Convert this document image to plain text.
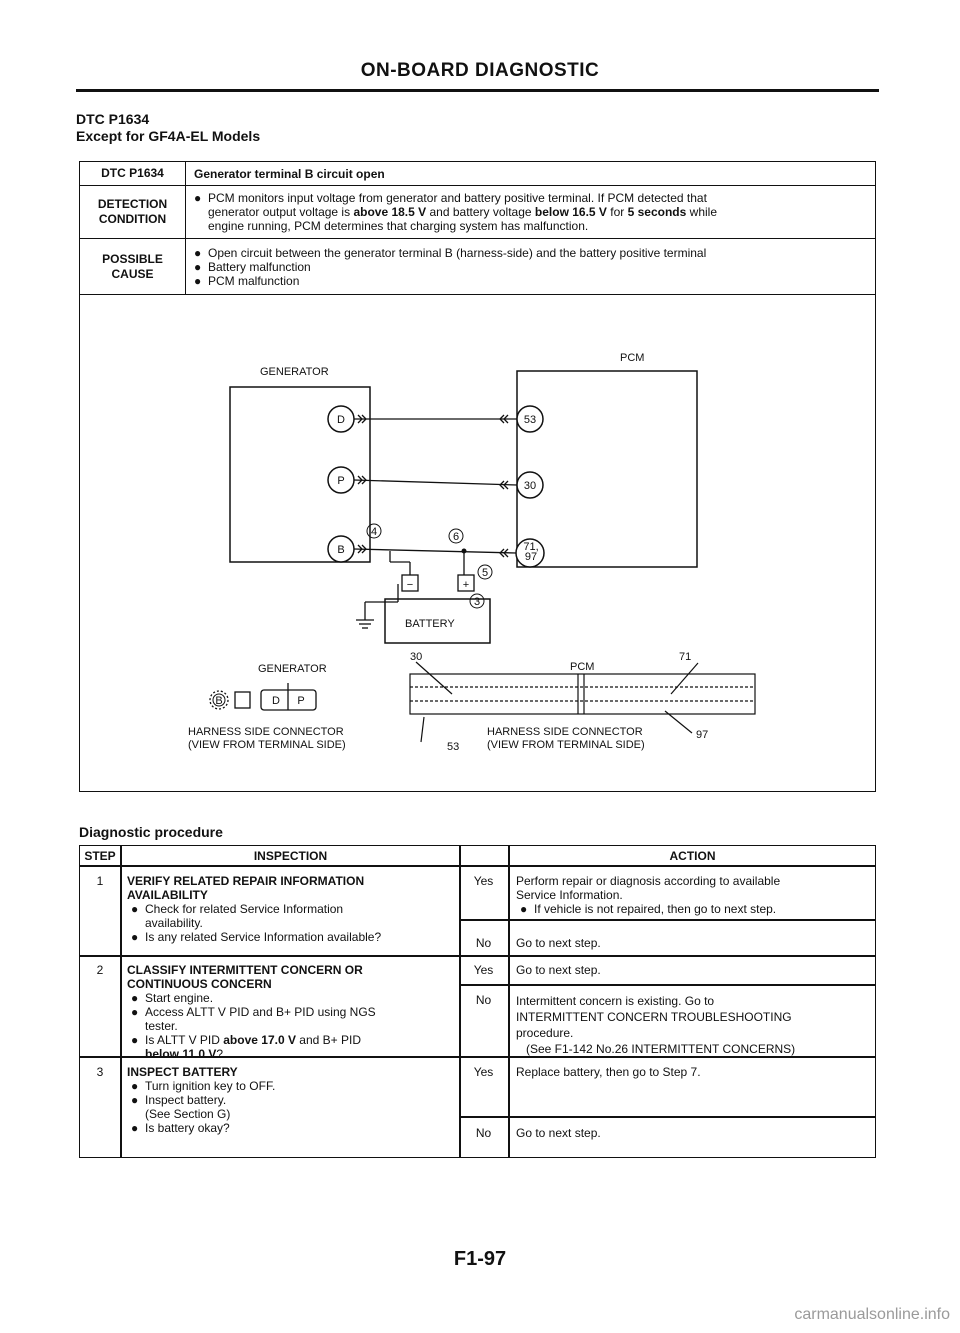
ON-BOARD DIAGNOSTIC
DTC P1634
Except for GF4A-EL Models
DTC P1634	Generator terminal B circuit open
DETECTION
CONDITION
● PCM monitors input voltage from generator and battery positive terminal. If PCM detected that
generator output voltage is above 18.5 V and battery voltage below 16.5 V for 5 seconds while
engine running, PCM determines that charging system has malfunction.
POSSIBLE
CAUSE
● Open circuit between the generator terminal B (harness-side) and the battery positive terminal
● Battery malfunction
● PCM malfunction
GENERATOR
PCM
D
P
B
53
30
71,
97
−	+
BATTERY
4	6
5
3
GENERATOR
B	D P
PCM
30	71
53
97
HARNESS SIDE CONNECTOR
(VIEW FROM TERMINAL SIDE)
HARNESS SIDE CONNECTOR
(VIEW FROM TERMINAL SIDE)
Diagnostic procedure
STEP	INSPECTION	ACTION
1	VERIFY RELATED REPAIR INFORMATION
AVAILABILITY
● Check for related Service Information
availability.
● Is any related Service Information available?
Yes	Perform repair or diagnosis according to available
Service Information.
● If vehicle is not repaired, then go to next step.
No	Go to next step.
2	CLASSIFY INTERMITTENT CONCERN OR
CONTINUOUS CONCERN
● Start engine.
● Access ALTT V PID and B+ PID using NGS
tester.
● Is ALTT V PID above 17.0 V and B+ PID
below 11.0 V?
Yes	Go to next step.
No	Intermittent concern is existing. Go to
INTERMITTENT CONCERN TROUBLESHOOTING
procedure.
(See F1-142 No.26 INTERMITTENT CONCERNS)
3	INSPECT BATTERY
● Turn ignition key to OFF.
● Inspect battery.
(See Section G)
● Is battery okay?
Yes	Replace battery, then go to Step 7.
No	Go to next step.
F1-97
carmanualsonline.info
